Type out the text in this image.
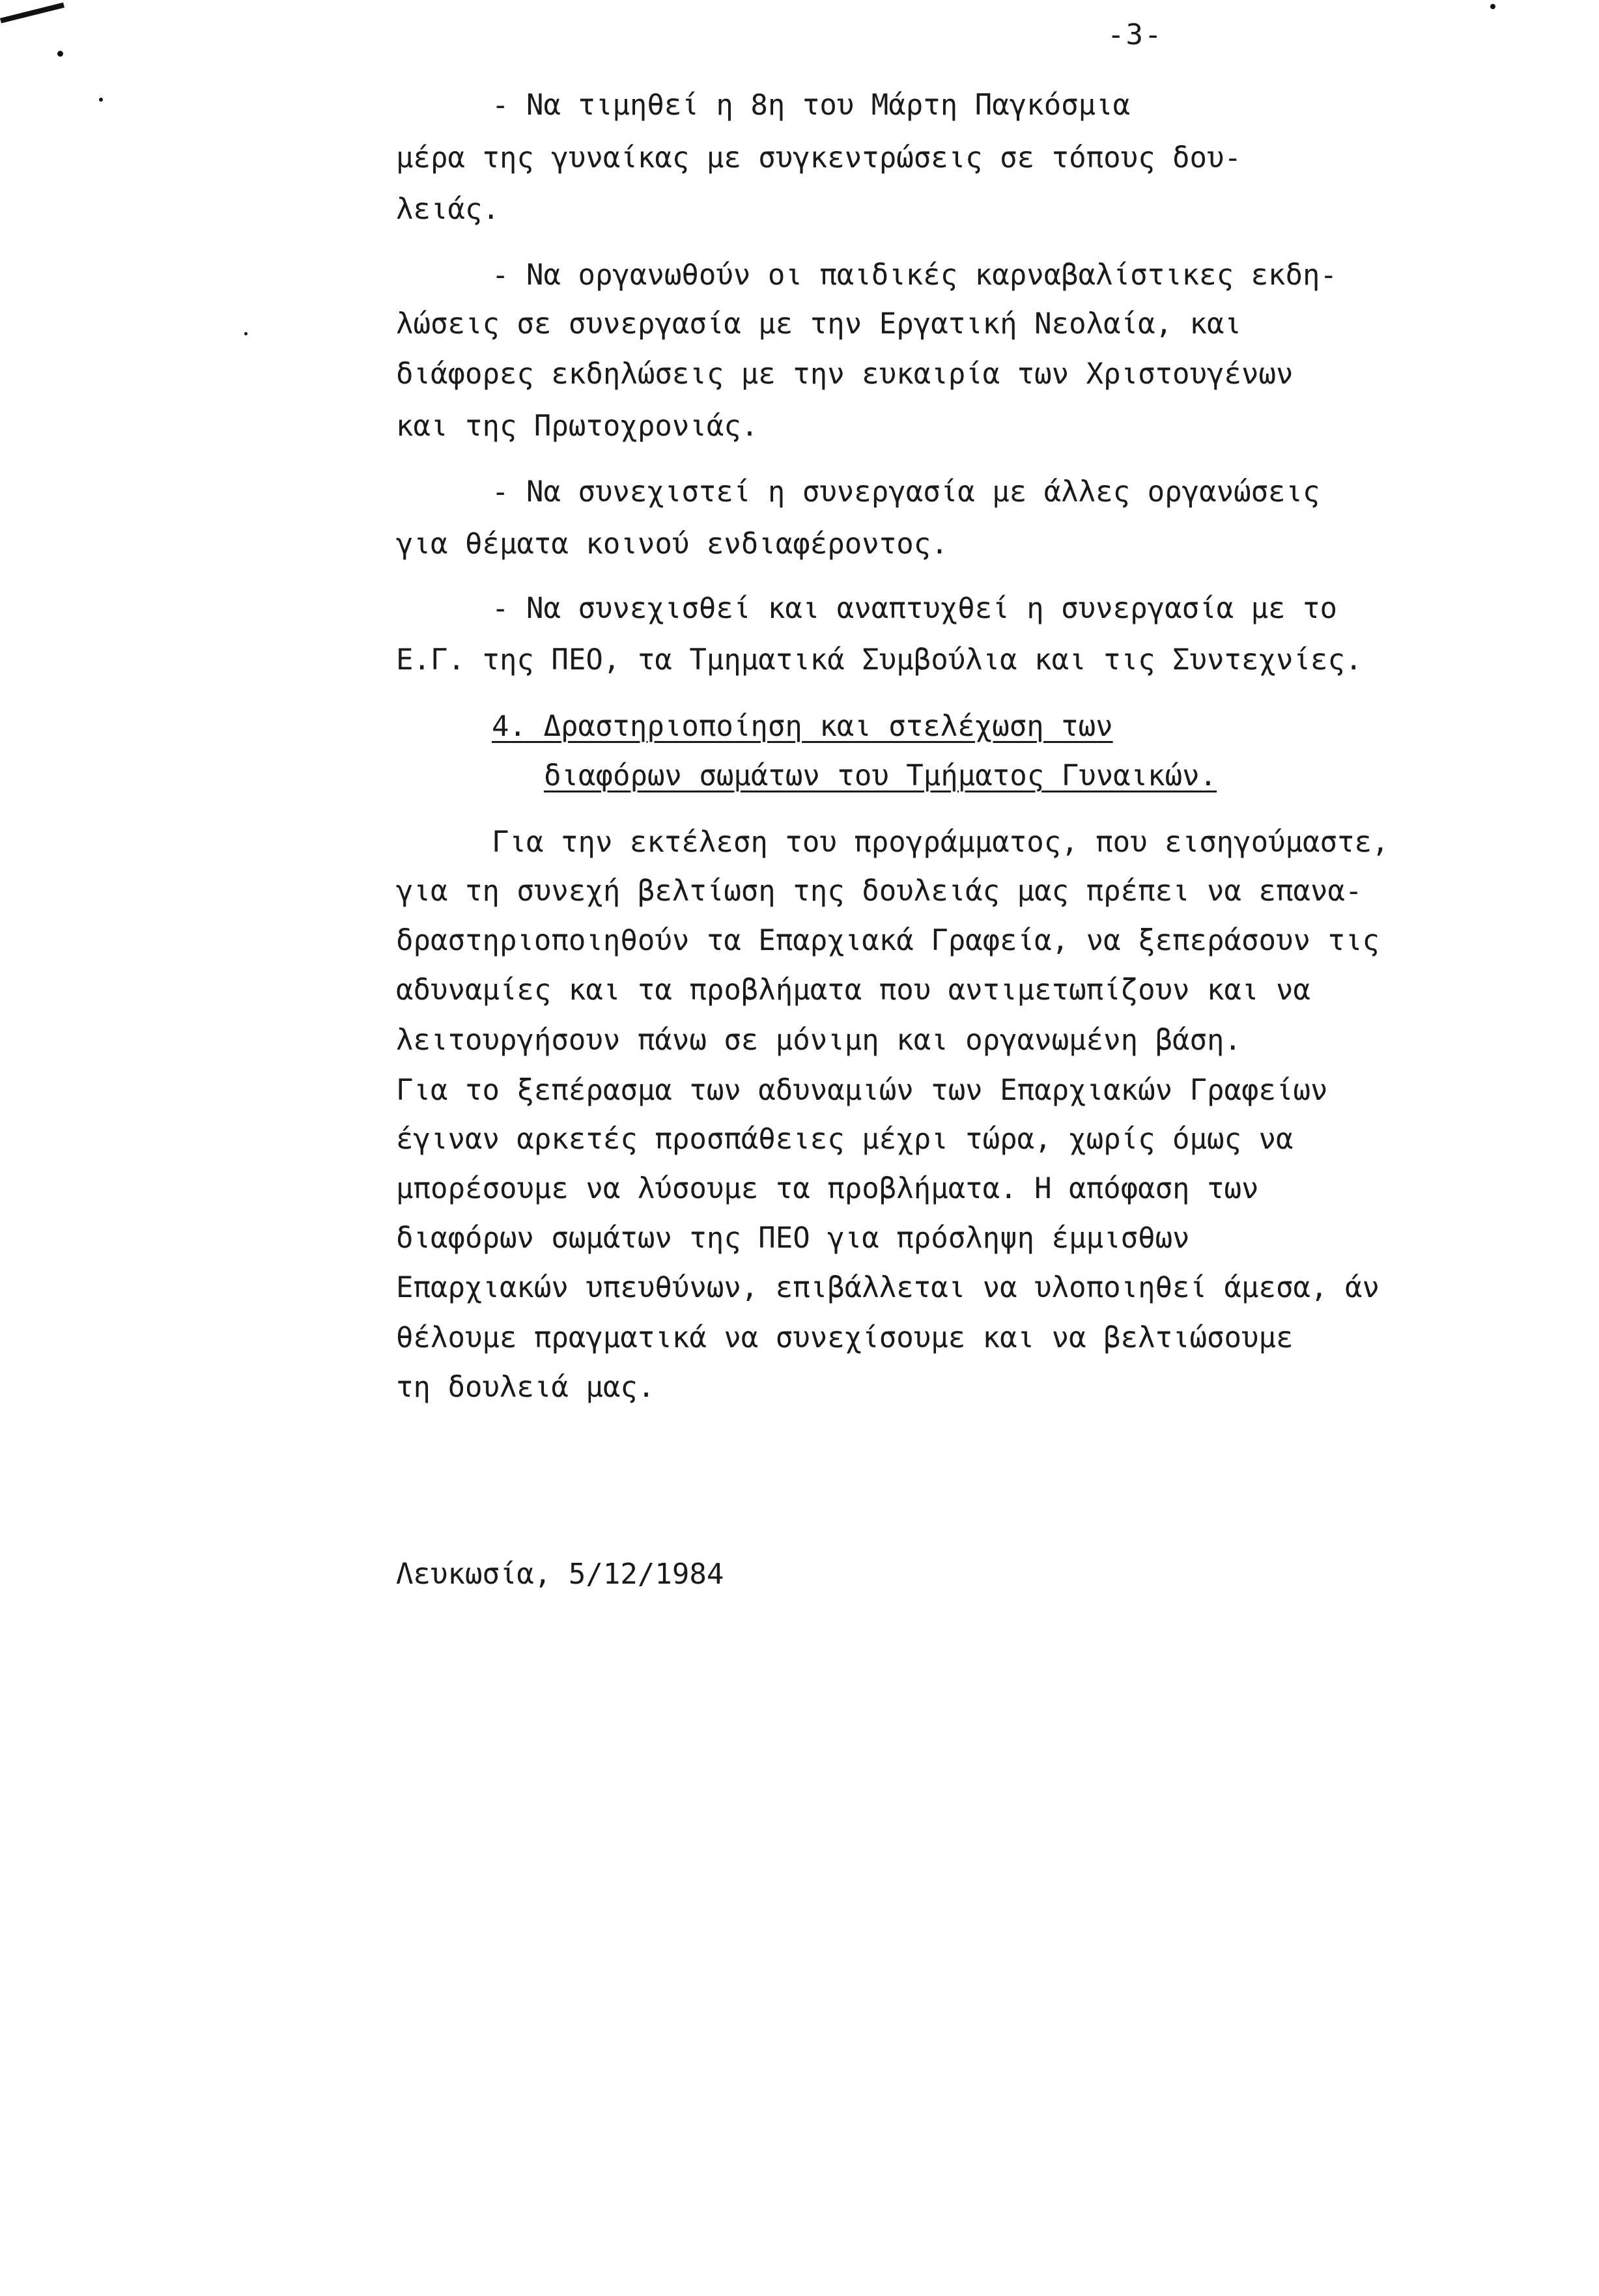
-3-
- Να τιμηθεί η 8η του Μάρτη Παγκόσμια
μέρα της γυναίκας με συγκεντρώσεις σε τόπους δου-
λειάς.
- Να οργανωθούν οι παιδικές καρναβαλίστικες εκδη-
λώσεις σε συνεργασία με την Εργατική Νεολαία, και
διάφορες εκδηλώσεις με την ευκαιρία των Χριστουγένων
και της Πρωτοχρονιάς.
- Να συνεχιστεί η συνεργασία με άλλες οργανώσεις
για θέματα κοινού ενδιαφέροντος.
- Να συνεχισθεί και αναπτυχθεί η συνεργασία με το
Ε.Γ. της ΠΕΟ, τα Τμηματικά Συμβούλια και τις Συντεχνίες.
4. Δραστηριοποίηση και στελέχωση των
διαφόρων σωμάτων του Τμήματος Γυναικών.
Για την εκτέλεση του προγράμματος, που εισηγούμαστε,
για τη συνεχή βελτίωση της δουλειάς μας πρέπει να επανα-
δραστηριοποιηθούν τα Επαρχιακά Γραφεία, να ξεπεράσουν τις
αδυναμίες και τα προβλήματα που αντιμετωπίζουν και να
λειτουργήσουν πάνω σε μόνιμη και οργανωμένη βάση.
Για το ξεπέρασμα των αδυναμιών των Επαρχιακών Γραφείων
έγιναν αρκετές προσπάθειες μέχρι τώρα, χωρίς όμως να
μπορέσουμε να λύσουμε τα προβλήματα. Η απόφαση των
διαφόρων σωμάτων της ΠΕΟ για πρόσληψη έμμισθων
Επαρχιακών υπευθύνων, επιβάλλεται να υλοποιηθεί άμεσα, άν
θέλουμε πραγματικά να συνεχίσουμε και να βελτιώσουμε
τη δουλειά μας.
Λευκωσία, 5/12/1984
